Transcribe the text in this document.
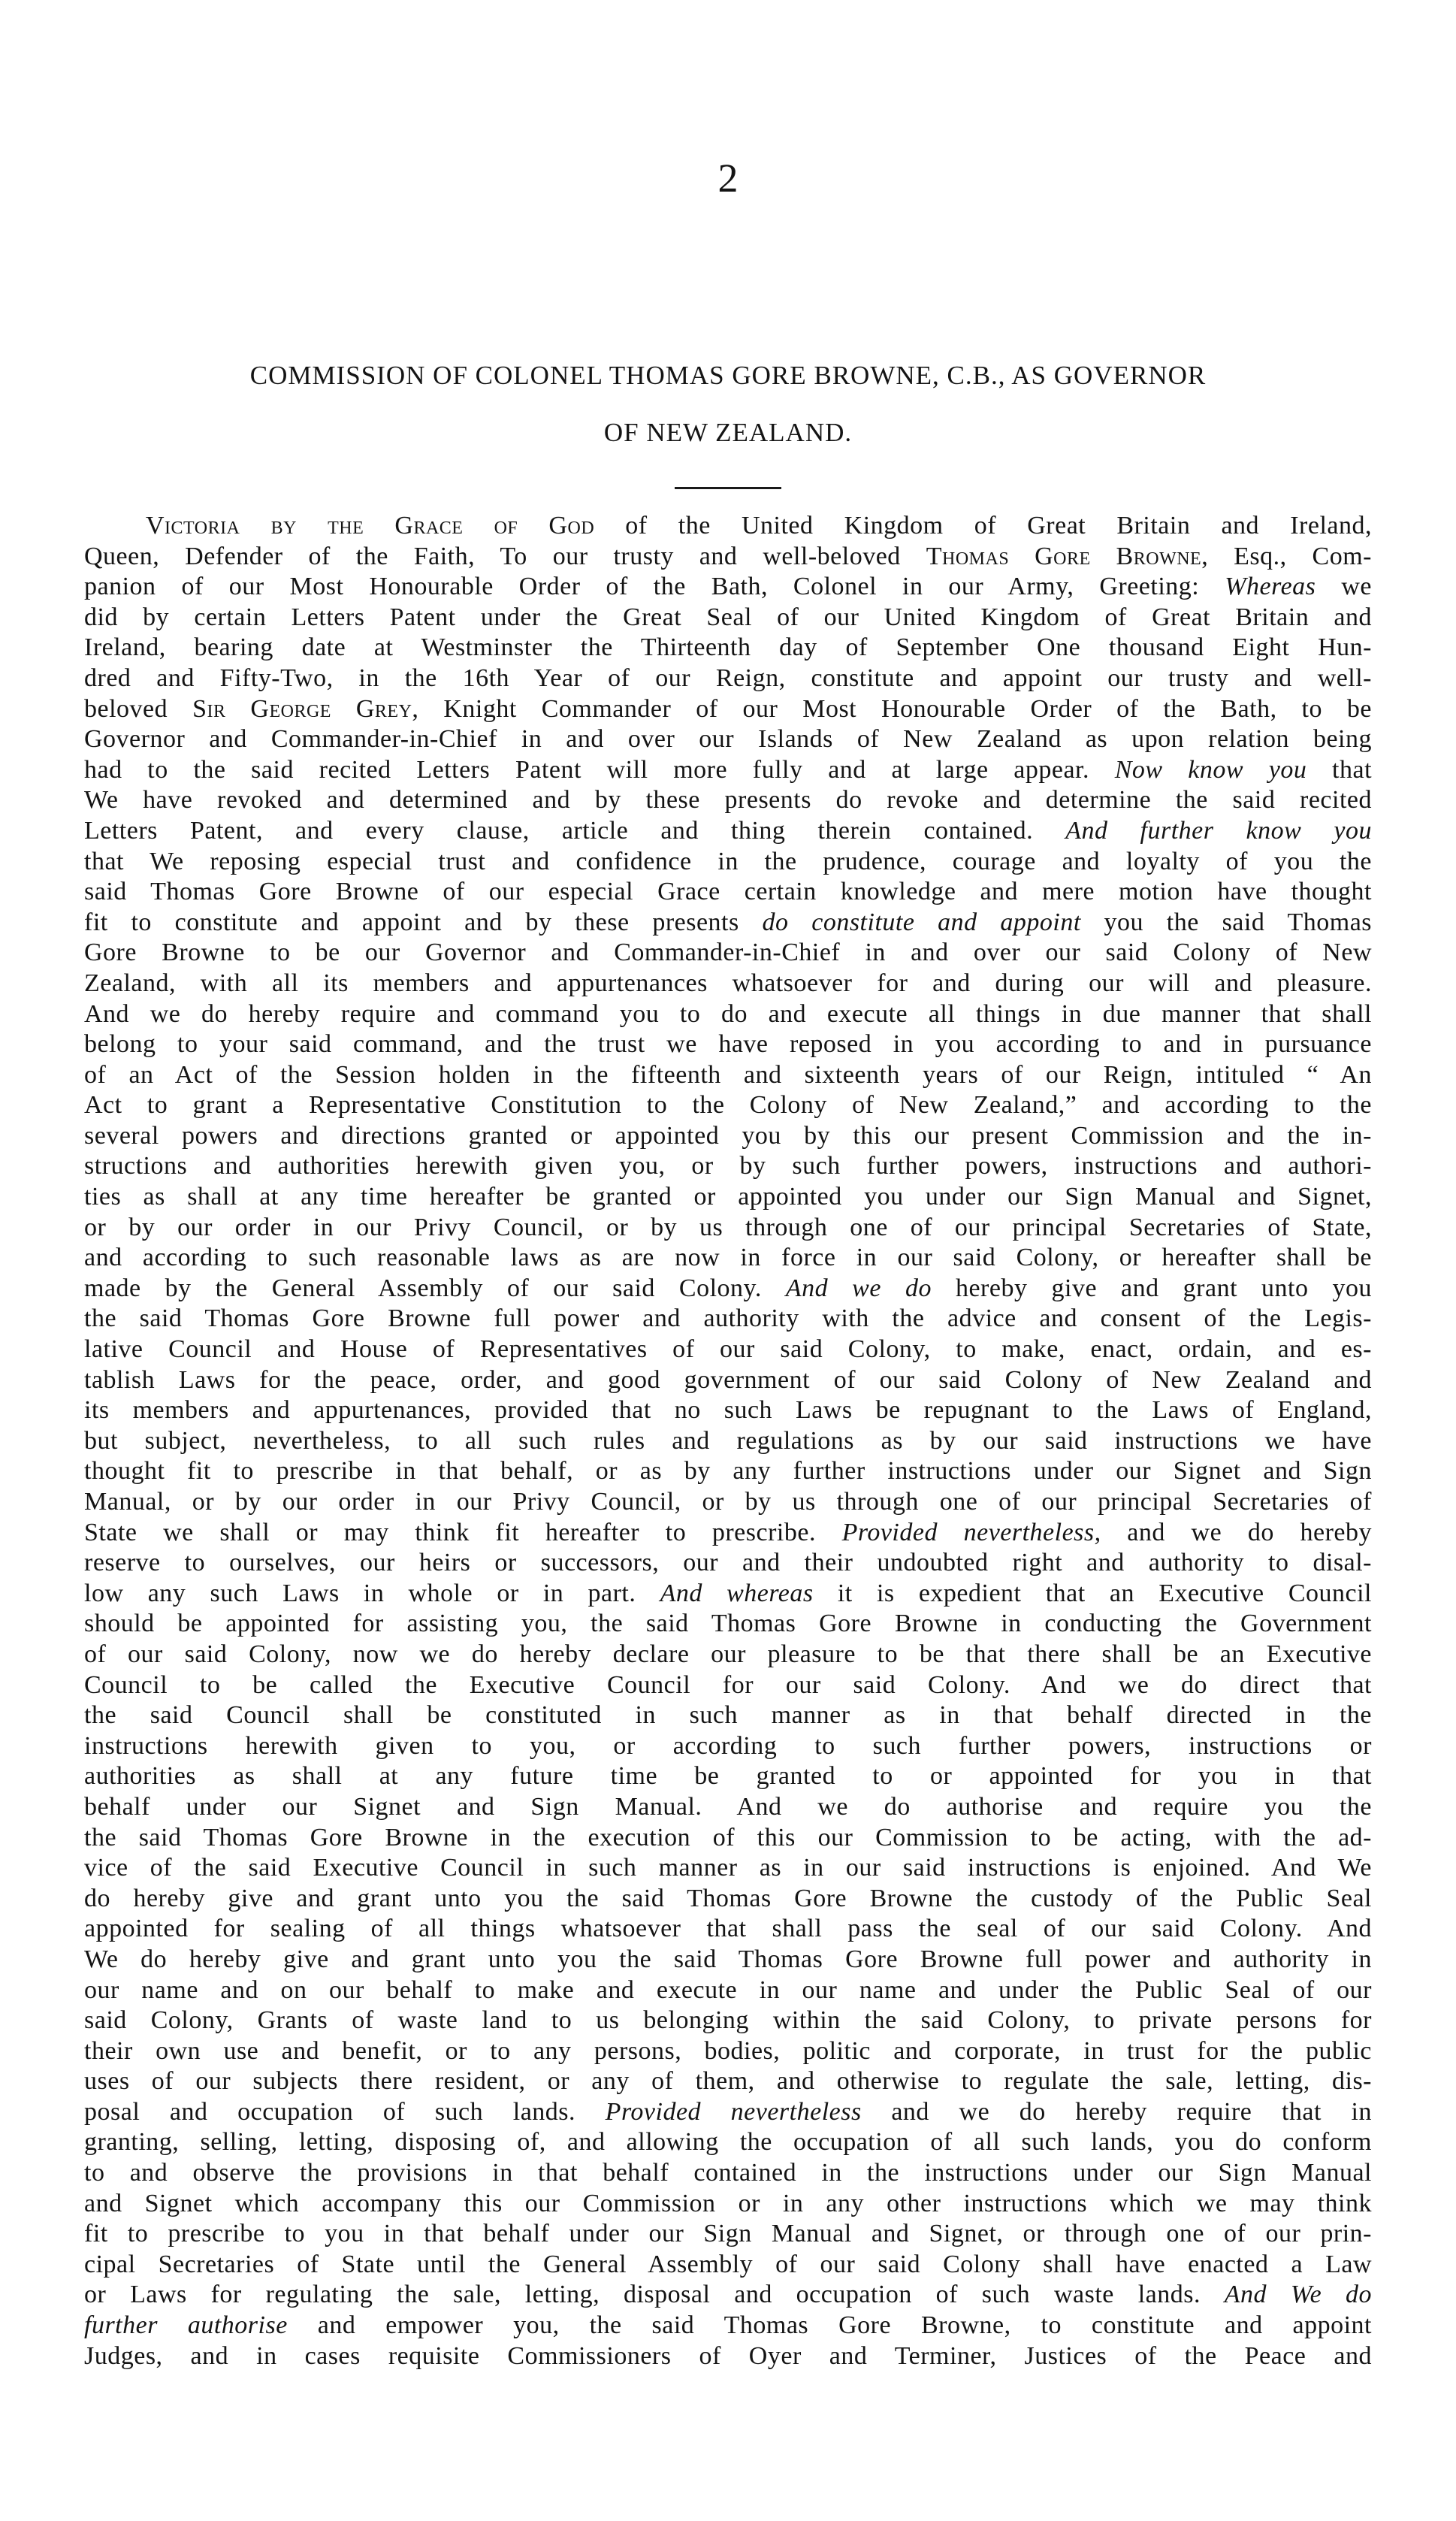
2
COMMISSION OF COLONEL THOMAS GORE BROWNE, C.B., AS GOVERNOR
OF NEW ZEALAND.
Victoria by the Grace of God of the United Kingdom of Great Britain and Ireland,
Queen, Defender of the Faith, To our trusty and well-beloved Thomas Gore Browne, Esq., Com-
panion of our Most Honourable Order of the Bath, Colonel in our Army, Greeting: Whereas we
did by certain Letters Patent under the Great Seal of our United Kingdom of Great Britain and
Ireland, bearing date at Westminster the Thirteenth day of September One thousand Eight Hun-
dred and Fifty-Two, in the 16th Year of our Reign, constitute and appoint our trusty and well-
beloved Sir George Grey, Knight Commander of our Most Honourable Order of the Bath, to be
Governor and Commander-in-Chief in and over our Islands of New Zealand as upon relation being
had to the said recited Letters Patent will more fully and at large appear. Now know you that
We have revoked and determined and by these presents do revoke and determine the said recited
Letters Patent, and every clause, article and thing therein contained. And further know you
that We reposing especial trust and confidence in the prudence, courage and loyalty of you the
said Thomas Gore Browne of our especial Grace certain knowledge and mere motion have thought
fit to constitute and appoint and by these presents do constitute and appoint you the said Thomas
Gore Browne to be our Governor and Commander-in-Chief in and over our said Colony of New
Zealand, with all its members and appurtenances whatsoever for and during our will and pleasure.
And we do hereby require and command you to do and execute all things in due manner that shall
belong to your said command, and the trust we have reposed in you according to and in pursuance
of an Act of the Session holden in the fifteenth and sixteenth years of our Reign, intituled “ An
Act to grant a Representative Constitution to the Colony of New Zealand,” and according to the
several powers and directions granted or appointed you by this our present Commission and the in-
structions and authorities herewith given you, or by such further powers, instructions and authori-
ties as shall at any time hereafter be granted or appointed you under our Sign Manual and Signet,
or by our order in our Privy Council, or by us through one of our principal Secretaries of State,
and according to such reasonable laws as are now in force in our said Colony, or hereafter shall be
made by the General Assembly of our said Colony. And we do hereby give and grant unto you
the said Thomas Gore Browne full power and authority with the advice and consent of the Legis-
lative Council and House of Representatives of our said Colony, to make, enact, ordain, and es-
tablish Laws for the peace, order, and good government of our said Colony of New Zealand and
its members and appurtenances, provided that no such Laws be repugnant to the Laws of England,
but subject, nevertheless, to all such rules and regulations as by our said instructions we have
thought fit to prescribe in that behalf, or as by any further instructions under our Signet and Sign
Manual, or by our order in our Privy Council, or by us through one of our principal Secretaries of
State we shall or may think fit hereafter to prescribe. Provided nevertheless, and we do hereby
reserve to ourselves, our heirs or successors, our and their undoubted right and authority to disal-
low any such Laws in whole or in part. And whereas it is expedient that an Executive Council
should be appointed for assisting you, the said Thomas Gore Browne in conducting the Government
of our said Colony, now we do hereby declare our pleasure to be that there shall be an Executive
Council to be called the Executive Council for our said Colony. And we do direct that
the said Council shall be constituted in such manner as in that behalf directed in the
instructions herewith given to you, or according to such further powers, instructions or
authorities as shall at any future time be granted to or appointed for you in that
behalf under our Signet and Sign Manual. And we do authorise and require you the
the said Thomas Gore Browne in the execution of this our Commission to be acting, with the ad-
vice of the said Executive Council in such manner as in our said instructions is enjoined. And We
do hereby give and grant unto you the said Thomas Gore Browne the custody of the Public Seal
appointed for sealing of all things whatsoever that shall pass the seal of our said Colony. And
We do hereby give and grant unto you the said Thomas Gore Browne full power and authority in
our name and on our behalf to make and execute in our name and under the Public Seal of our
said Colony, Grants of waste land to us belonging within the said Colony, to private persons for
their own use and benefit, or to any persons, bodies, politic and corporate, in trust for the public
uses of our subjects there resident, or any of them, and otherwise to regulate the sale, letting, dis-
posal and occupation of such lands. Provided nevertheless and we do hereby require that in
granting, selling, letting, disposing of, and allowing the occupation of all such lands, you do conform
to and observe the provisions in that behalf contained in the instructions under our Sign Manual
and Signet which accompany this our Commission or in any other instructions which we may think
fit to prescribe to you in that behalf under our Sign Manual and Signet, or through one of our prin-
cipal Secretaries of State until the General Assembly of our said Colony shall have enacted a Law
or Laws for regulating the sale, letting, disposal and occupation of such waste lands. And We do
further authorise and empower you, the said Thomas Gore Browne, to constitute and appoint
Judges, and in cases requisite Commissioners of Oyer and Terminer, Justices of the Peace and
